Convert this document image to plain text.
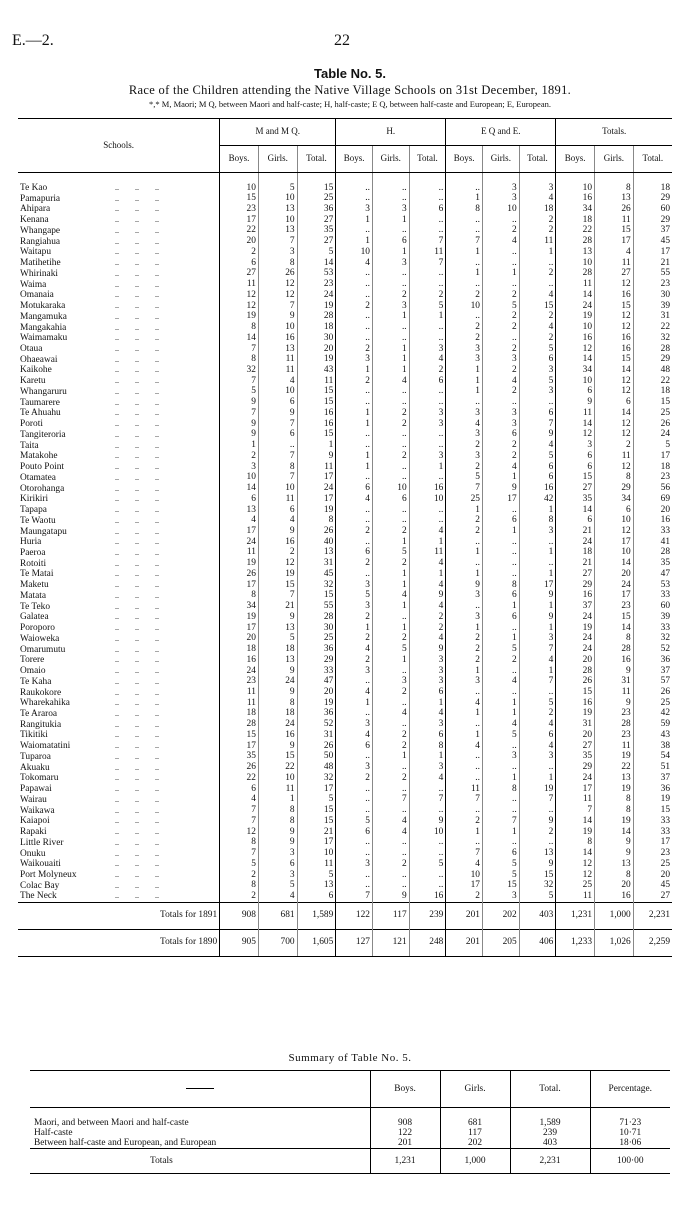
E.—2.	22
Table No. 5.
Race of the Children attending the Native Village Schools on 31st December, 1891.
*,* M, Maori; M Q, between Maori and half-caste; H, half-caste; E Q, between half-caste and European; E, European.
Schools.	M and M Q.			H.			E Q and E.			Totals.		
	Boys.	Girls.	Total.	Boys.	Girls.	Total.	Boys.	Girls.	Total.	Boys.	Girls.	Total.

Te Kao ..        ..        ..	10	5	15	..	..	..	..	3	3	10	8	18
Pamapuria ..        ..        ..	15	10	25	..	..	..	1	3	4	16	13	29
Ahipara ..        ..        ..	23	13	36	3	3	6	8	10	18	34	26	60
Kenana ..        ..        ..	17	10	27	1	1	..	..	..	2	18	11	29
Whangape ..        ..        ..	22	13	35	..	..	..	..	2	2	22	15	37
Rangiahua ..        ..        ..	20	7	27	1	6	7	7	4	11	28	17	45
Waitapu ..        ..        ..	2	3	5	10	1	11	1	..	1	13	4	17
Matihetihe ..        ..        ..	6	8	14	4	3	7	..	..	..	10	11	21
Whirinaki ..        ..        ..	27	26	53	..	..	..	1	1	2	28	27	55
Waima ..        ..        ..	11	12	23	..	..	..	..	..	..	11	12	23
Omanaia ..        ..        ..	12	12	24	..	2	2	2	2	4	14	16	30
Motukaraka ..        ..        ..	12	7	19	2	3	5	10	5	15	24	15	39
Mangamuka ..        ..        ..	19	9	28	..	1	1	..	2	2	19	12	31
Mangakahia ..        ..        ..	8	10	18	..	..	..	2	2	4	10	12	22
Waimamaku ..        ..        ..	14	16	30	..	..	..	2	..	2	16	16	32
Otaua ..        ..        ..	7	13	20	2	1	3	3	2	5	12	16	28
Ohaeawai ..        ..        ..	8	11	19	3	1	4	3	3	6	14	15	29
Kaikohe ..        ..        ..	32	11	43	1	1	2	1	2	3	34	14	48
Karetu ..        ..        ..	7	4	11	2	4	6	1	4	5	10	12	22
Whangaruru ..        ..        ..	5	10	15	..	..	..	1	2	3	6	12	18
Taumarere ..        ..        ..	9	6	15	..	..	..	..	..	..	9	6	15
Te Ahuahu ..        ..        ..	7	9	16	1	2	3	3	3	6	11	14	25
Poroti ..        ..        ..	9	7	16	1	2	3	4	3	7	14	12	26
Tangiteroria ..        ..        ..	9	6	15	..	..	..	3	6	9	12	12	24
Taita ..        ..        ..	1	..	1	..	..	..	2	2	4	3	2	5
Matakohe ..        ..        ..	2	7	9	1	2	3	3	2	5	6	11	17
Pouto Point ..        ..        ..	3	8	11	1	..	1	2	4	6	6	12	18
Otamatea ..        ..        ..	10	7	17	..	..	..	5	1	6	15	8	23
Otorohanga ..        ..        ..	14	10	24	6	10	16	7	9	16	27	29	56
Kirikiri ..        ..        ..	6	11	17	4	6	10	25	17	42	35	34	69
Tapapa ..        ..        ..	13	6	19	..	..	..	1	..	1	14	6	20
Te Waotu ..        ..        ..	4	4	8	..	..	..	2	6	8	6	10	16
Maungatapu ..        ..        ..	17	9	26	2	2	4	2	1	3	21	12	33
Huria ..        ..        ..	24	16	40	..	1	1	..	..	..	24	17	41
Paeroa ..        ..        ..	11	2	13	6	5	11	1	..	1	18	10	28
Rotoiti ..        ..        ..	19	12	31	2	2	4	..	..	..	21	14	35
Te Matai ..        ..        ..	26	19	45	..	1	1	1	..	1	27	20	47
Maketu ..        ..        ..	17	15	32	3	1	4	9	8	17	29	24	53
Matata ..        ..        ..	8	7	15	5	4	9	3	6	9	16	17	33
Te Teko ..        ..        ..	34	21	55	3	1	4	..	1	1	37	23	60
Galatea ..        ..        ..	19	9	28	2	..	2	3	6	9	24	15	39
Poroporo ..        ..        ..	17	13	30	1	1	2	1	..	1	19	14	33
Waioweka ..        ..        ..	20	5	25	2	2	4	2	1	3	24	8	32
Omarumutu ..        ..        ..	18	18	36	4	5	9	2	5	7	24	28	52
Torere ..        ..        ..	16	13	29	2	1	3	2	2	4	20	16	36
Omaio ..        ..        ..	24	9	33	3	..	3	1	..	1	28	9	37
Te Kaha ..        ..        ..	23	24	47	..	3	3	3	4	7	26	31	57
Raukokore ..        ..        ..	11	9	20	4	2	6	..	..	..	15	11	26
Wharekahika ..        ..        ..	11	8	19	1	..	1	4	1	5	16	9	25
Te Araroa ..        ..        ..	18	18	36	..	4	4	1	1	2	19	23	42
Rangitukia ..        ..        ..	28	24	52	3	..	3	..	4	4	31	28	59
Tikitiki ..        ..        ..	15	16	31	4	2	6	1	5	6	20	23	43
Waiomatatini ..        ..        ..	17	9	26	6	2	8	4	..	4	27	11	38
Tuparoa ..        ..        ..	35	15	50	..	1	1	..	3	3	35	19	54
Akuaku ..        ..        ..	26	22	48	3	..	3	..	..	..	29	22	51
Tokomaru ..        ..        ..	22	10	32	2	2	4	..	1	1	24	13	37
Papawai ..        ..        ..	6	11	17	..	..	..	11	8	19	17	19	36
Wairau ..        ..        ..	4	1	5	..	7	7	7	..	7	11	8	19
Waikawa ..        ..        ..	7	8	15	..	..	..	..	..	..	7	8	15
Kaiapoi ..        ..        ..	7	8	15	5	4	9	2	7	9	14	19	33
Rapaki ..        ..        ..	12	9	21	6	4	10	1	1	2	19	14	33
Little River ..        ..        ..	8	9	17	..	..	..	..	..	..	8	9	17
Onuku ..        ..        ..	7	3	10	..	..	..	7	6	13	14	9	23
Waikouaiti ..        ..        ..	5	6	11	3	2	5	4	5	9	12	13	25
Port Molyneux ..        ..        ..	2	3	5	..	..	..	10	5	15	12	8	20
Colac Bay ..        ..        ..	8	5	13	..	..	..	17	15	32	25	20	45
The Neck ..        ..        ..	2	4	6	7	9	16	2	3	5	11	16	27
Totals for 1891	908	681	1,589	122	117	239	201	202	403	1,231	1,000	2,231
Totals for 1890	905	700	1,605	127	121	248	201	205	406	1,233	1,026	2,259
Summary of Table No. 5.
	Boys.	Girls.	Total.	Percentage.

Maori, and between Maori and half-caste	908	681	1,589	71·23
Half-caste	122	117	239	10·71
Between half-caste and European, and European	201	202	403	18·06
Totals	1,231	1,000	2,231	100·00
